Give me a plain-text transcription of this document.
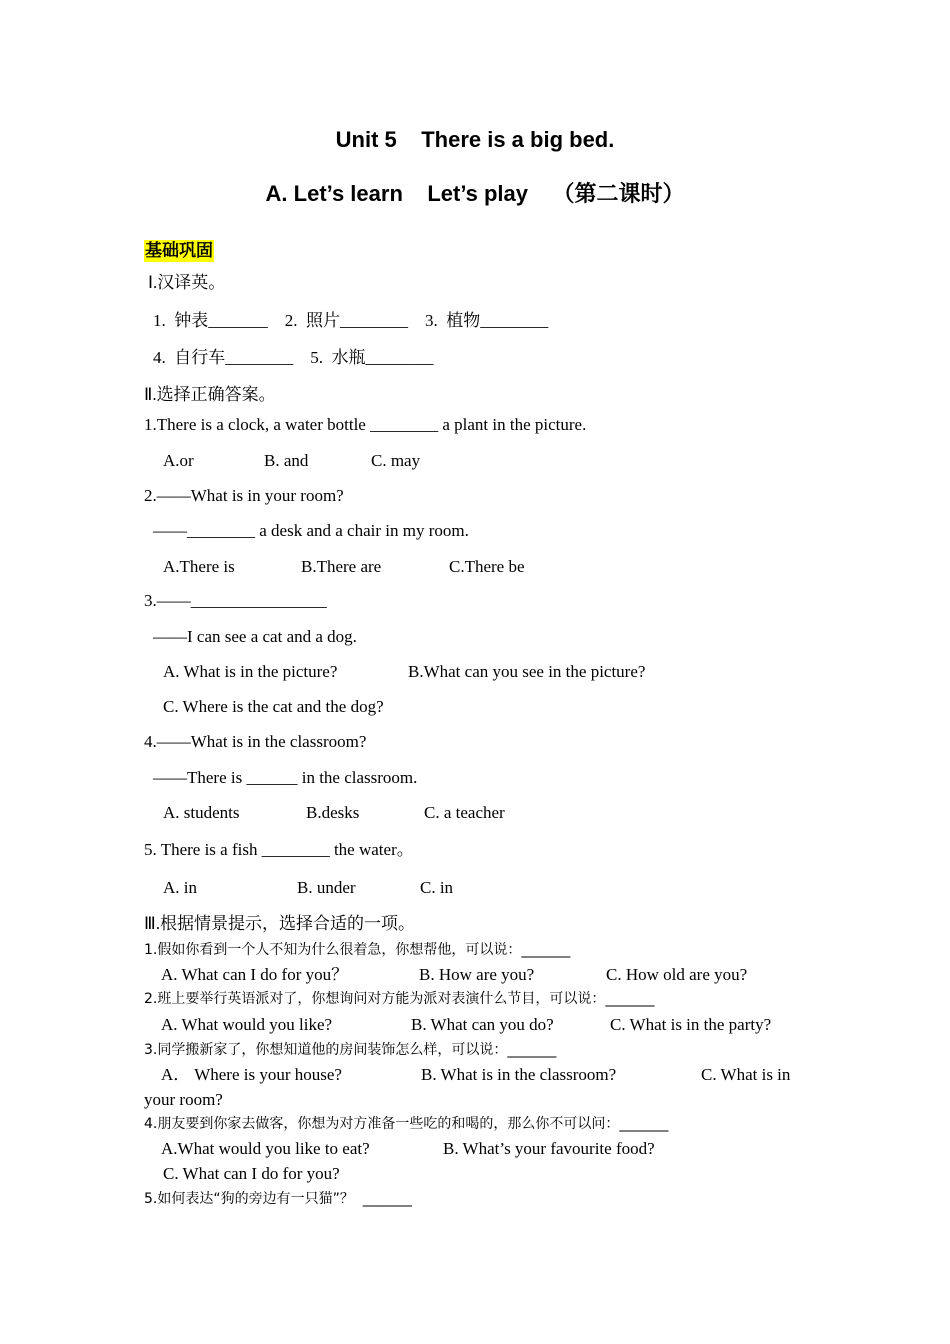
Unit 5    There is a big bed.
A. Let’s learn    Let’s play    （第二课时）
基础巩固
Ⅰ.汉译英。
1.  钟表_______    2.  照片________    3.  植物________
4.  自行车________    5.  水瓶________
Ⅱ.选择正确答案。
1.There is a clock, a water bottle ________ a plant in the picture.
A.or	B. and	C. may
2.——What is in your room?
——________ a desk and a chair in my room.
A.There is	B.There are	C.There be
3.——________________
——I can see a cat and a dog.
A. What is in the picture?	B.What can you see in the picture?
C. Where is the cat and the dog?
4.——What is in the classroom?
——There is ______ in the classroom.
A. students	B.desks	C. a teacher
5. There is a fish ________ the water。
A. in	B. under	C. in
Ⅲ.根据情景提示，选择合适的一项。
1.假如你看到一个人不知为什么很着急，你想帮他，可以说：_______
A. What can I do for you？	B. How are you?	C. How old are you?
2.班上要举行英语派对了，你想询问对方能为派对表演什么节目，可以说：_______
A. What would you like?	B. What can you do?	C. What is in the party?
3.同学搬新家了，你想知道他的房间装饰怎么样，可以说：_______
A． Where is your house?	B. What is in the classroom?	C. What is in
your room?
4.朋友要到你家去做客，你想为对方准备一些吃的和喝的，那么你不可以问：_______
A.What would you like to eat?	B. What’s your favourite food?
C. What can I do for you?
5.如何表达“狗的旁边有一只猫”？  _______
